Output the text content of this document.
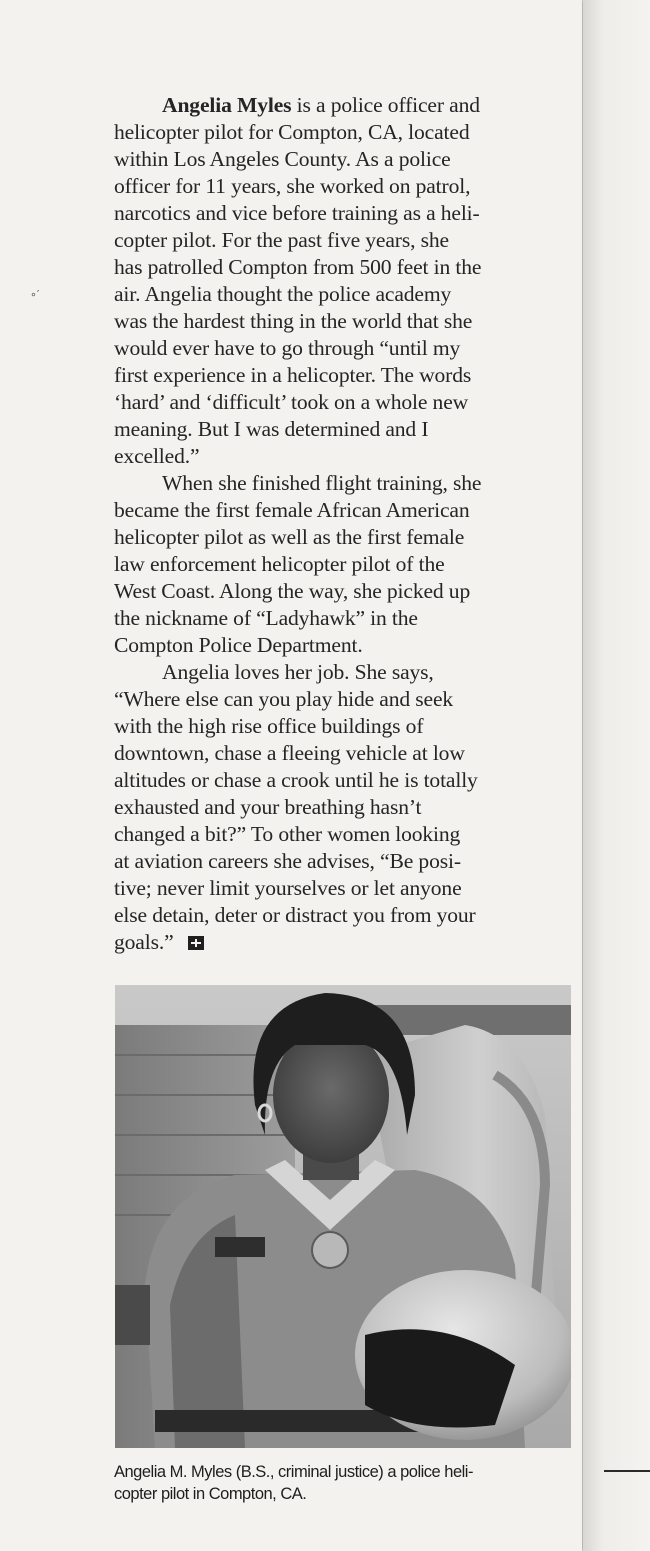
∘′

Angelia Myles is a police officer and
helicopter pilot for Compton, CA, located
within Los Angeles County. As a police
officer for 11 years, she worked on patrol,
narcotics and vice before training as a heli-
copter pilot. For the past five years, she
has patrolled Compton from 500 feet in the
air. Angelia thought the police academy
was the hardest thing in the world that she
would ever have to go through “until my
first experience in a helicopter. The words
‘hard’ and ‘difficult’ took on a whole new
meaning. But I was determined and I
excelled.”

When she finished flight training, she
became the first female African American
helicopter pilot as well as the first female
law enforcement helicopter pilot of the
West Coast. Along the way, she picked up
the nickname of “Ladyhawk” in the
Compton Police Department.

Angelia loves her job. She says,
“Where else can you play hide and seek
with the high rise office buildings of
downtown, chase a fleeing vehicle at low
altitudes or chase a crook until he is totally
exhausted and your breathing hasn’t
changed a bit?” To other women looking
at aviation careers she advises, “Be posi-
tive; never limit yourselves or let anyone
else detain, deter or distract you from your
goals.”

Angelia M. Myles (B.S., criminal justice) a police heli-
copter pilot in Compton, CA.
